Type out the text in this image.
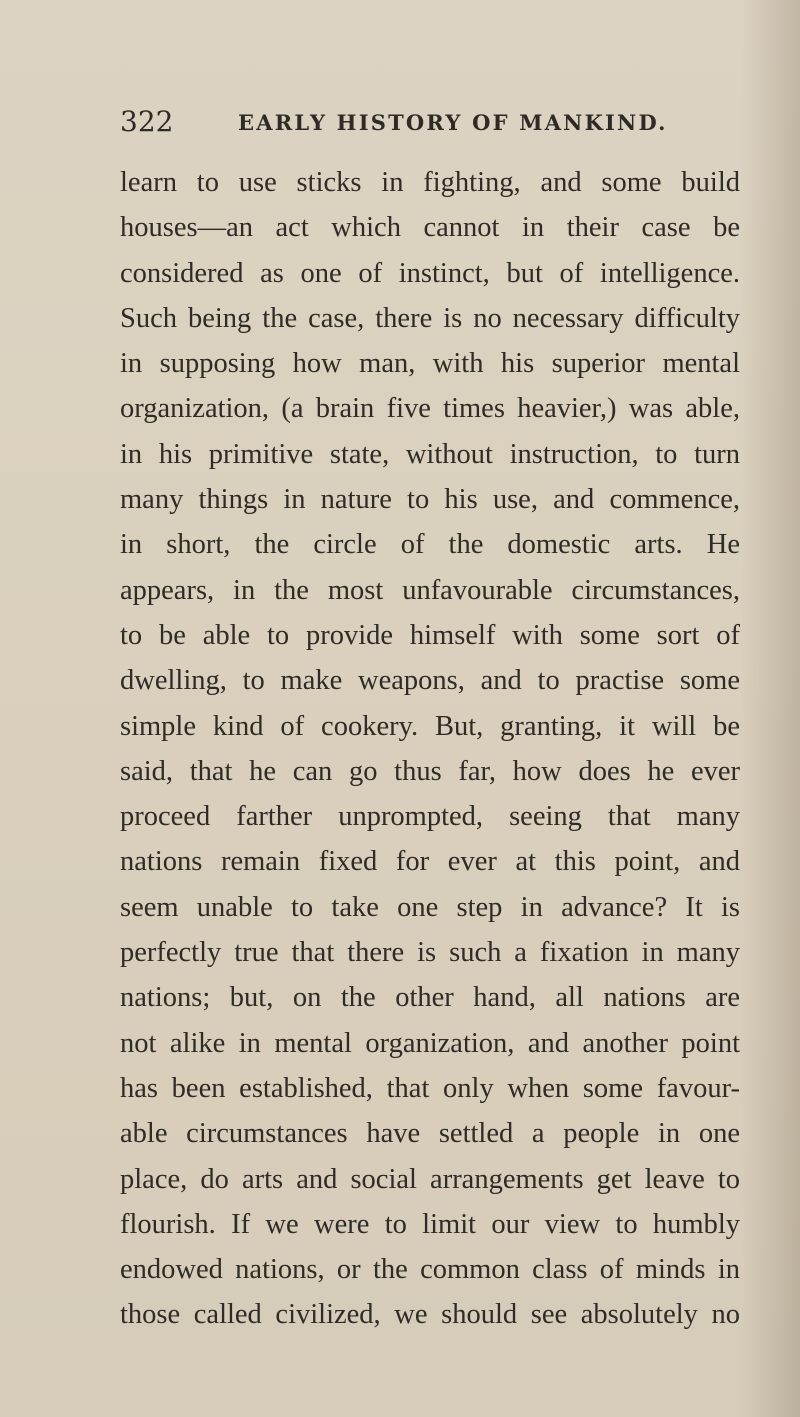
322	EARLY HISTORY OF MANKIND.
learn to use sticks in fighting, and some build
houses—an act which cannot in their case be
considered as one of instinct, but of intelligence.
Such being the case, there is no necessary difficulty
in supposing how man, with his superior mental
organization, (a brain five times heavier,) was able,
in his primitive state, without instruction, to turn
many things in nature to his use, and commence,
in short, the circle of the domestic arts. He
appears, in the most unfavourable circumstances,
to be able to provide himself with some sort of
dwelling, to make weapons, and to practise some
simple kind of cookery. But, granting, it will be
said, that he can go thus far, how does he ever
proceed farther unprompted, seeing that many
nations remain fixed for ever at this point, and
seem unable to take one step in advance? It is
perfectly true that there is such a fixation in many
nations; but, on the other hand, all nations are
not alike in mental organization, and another point
has been established, that only when some favour-
able circumstances have settled a people in one
place, do arts and social arrangements get leave to
flourish. If we were to limit our view to humbly
endowed nations, or the common class of minds in
those called civilized, we should see absolutely no
